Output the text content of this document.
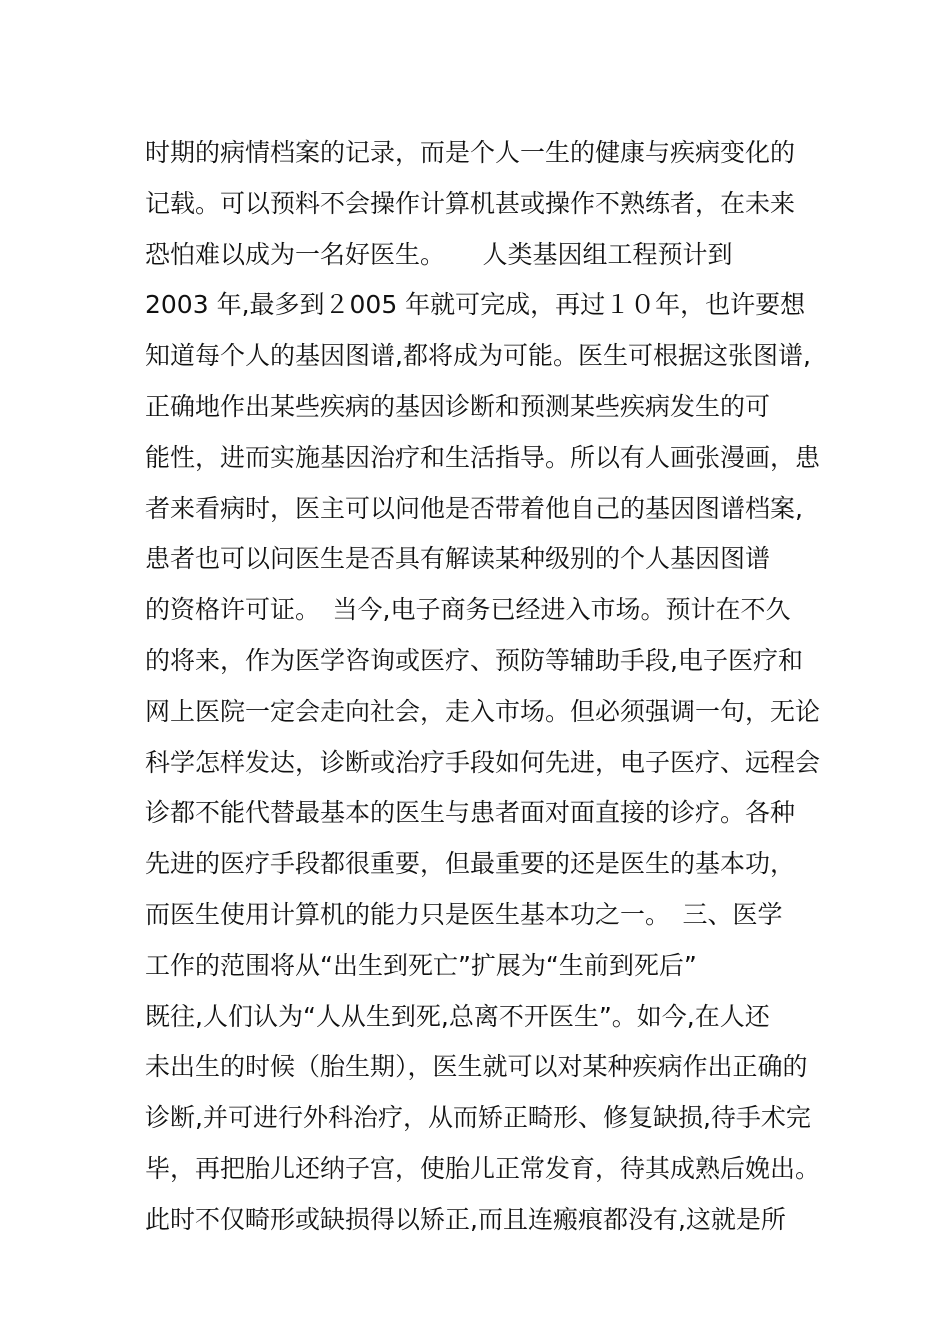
时期的病情档案的记录，而是个人一生的健康与疾病变化的
记载。可以预料不会操作计算机甚或操作不熟练者，在未来
恐怕难以成为一名好医生。　　人类基因组工程预计到
2003 年,最多到２005 年就可完成，再过１０年，也许要想
知道每个人的基因图谱,都将成为可能。医生可根据这张图谱,
正确地作出某些疾病的基因诊断和预测某些疾病发生的可
能性，进而实施基因治疗和生活指导。所以有人画张漫画，患
者来看病时，医主可以问他是否带着他自己的基因图谱档案,
患者也可以问医生是否具有解读某种级别的个人基因图谱
的资格许可证。　当今,电子商务已经进入市场。预计在不久
的将来，作为医学咨询或医疗、预防等辅助手段,电子医疗和
网上医院一定会走向社会，走入市场。但必须强调一句，无论
科学怎样发达，诊断或治疗手段如何先进，电子医疗、远程会
诊都不能代替最基本的医生与患者面对面直接的诊疗。各种
先进的医疗手段都很重要，但最重要的还是医生的基本功，
而医生使用计算机的能力只是医生基本功之一。　三、医学
工作的范围将从“出生到死亡”扩展为“生前到死后”
既往,人们认为“人从生到死,总离不开医生”。如今,在人还
未出生的时候（胎生期），医生就可以对某种疾病作出正确的
诊断,并可进行外科治疗，从而矫正畸形、修复缺损,待手术完
毕，再把胎儿还纳子宫，使胎儿正常发育，待其成熟后娩出。
此时不仅畸形或缺损得以矫正,而且连瘢痕都没有,这就是所
